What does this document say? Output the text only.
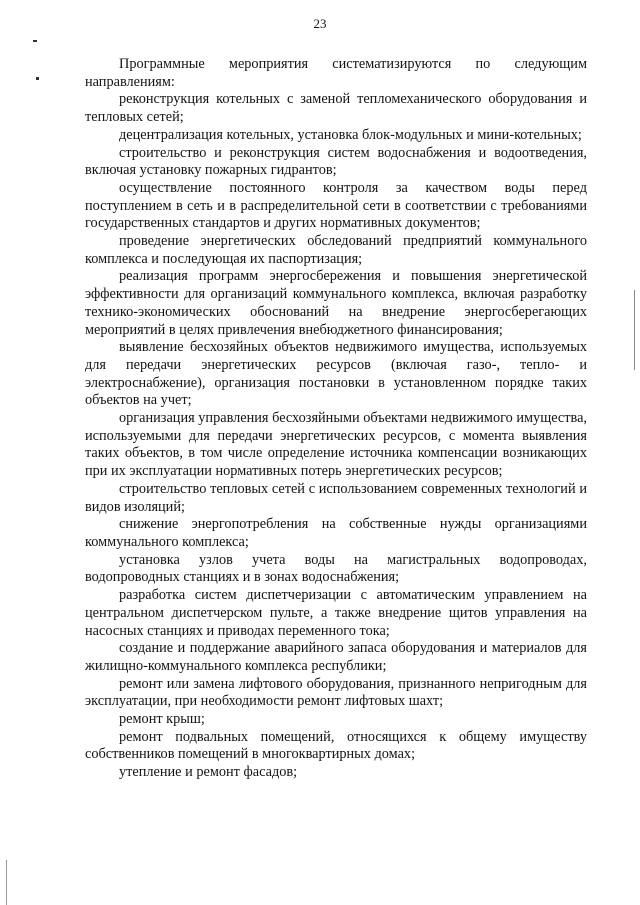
23

Программные мероприятия систематизируются по следующим направлениям:

реконструкция котельных с заменой тепломеханического оборудования и тепловых сетей;

децентрализация котельных, установка блок-модульных и мини-котельных;

строительство и реконструкция систем водоснабжения и водоотведения, включая установку пожарных гидрантов;

осуществление постоянного контроля за качеством воды перед поступлением в сеть и в распределительной сети в соответствии с требованиями государственных стандартов и других нормативных документов;

проведение энергетических обследований предприятий коммунального комплекса и последующая их паспортизация;

реализация программ энергосбережения и повышения энергетической эффективности для организаций коммунального комплекса, включая разработку технико-экономических обоснований на внедрение энергосберегающих мероприятий в целях привлечения внебюджетного финансирования;

выявление бесхозяйных объектов недвижимого имущества, используемых для передачи энергетических ресурсов (включая газо-, тепло- и электроснабжение), организация постановки в установленном порядке таких объектов на учет;

организация управления бесхозяйными объектами недвижимого имущества, используемыми для передачи энергетических ресурсов, с момента выявления таких объектов, в том числе определение источника компенсации возникающих при их эксплуатации нормативных потерь энергетических ресурсов;

строительство тепловых сетей с использованием современных технологий и видов изоляций;

снижение энергопотребления на собственные нужды организациями коммунального комплекса;

установка узлов учета воды на магистральных водопроводах, водопроводных станциях и в зонах водоснабжения;

разработка систем диспетчеризации с автоматическим управлением на центральном диспетчерском пульте, а также внедрение щитов управления на насосных станциях и приводах переменного тока;

создание и поддержание аварийного запаса оборудования и материалов для жилищно-коммунального комплекса республики;

ремонт или замена лифтового оборудования, признанного непригодным для эксплуатации, при необходимости ремонт лифтовых шахт;

ремонт крыш;

ремонт подвальных помещений, относящихся к общему имуществу собственников помещений в многоквартирных домах;

утепление и ремонт фасадов;
